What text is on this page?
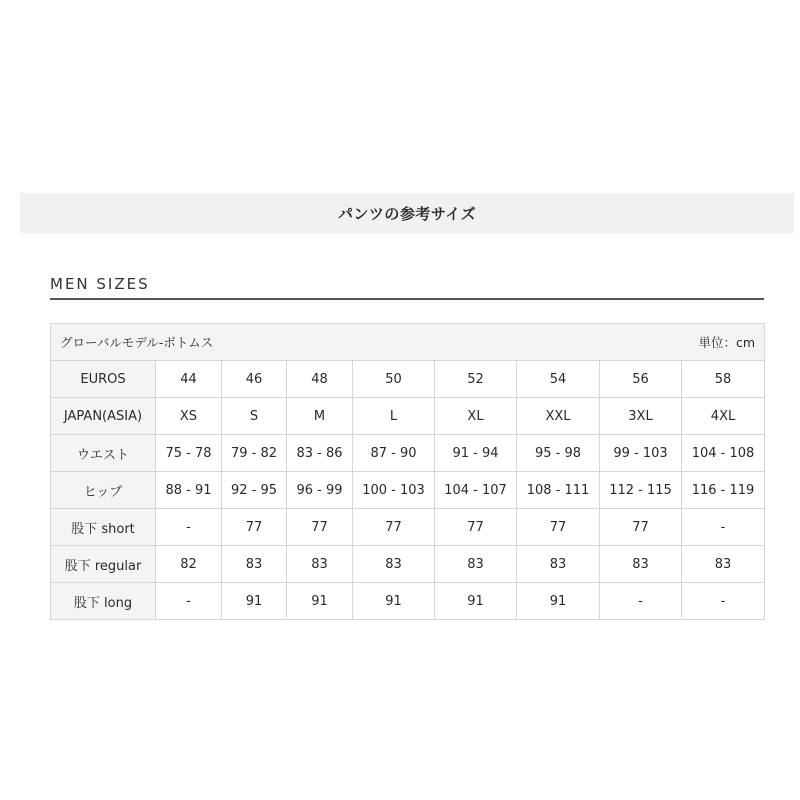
パンツの参考サイズ
MEN SIZES
グローバルモデル-ボトムス 単位：cm								

EUROS	44	46	48	50	52	54	56	58
JAPAN(ASIA)	XS	S	M	L	XL	XXL	3XL	4XL
ウエスト	75 - 78	79 - 82	83 - 86	87 - 90	91 - 94	95 - 98	99 - 103	104 - 108
ヒップ	88 - 91	92 - 95	96 - 99	100 - 103	104 - 107	108 - 111	112 - 115	116 - 119
股下 short	-	77	77	77	77	77	77	-
股下 regular	82	83	83	83	83	83	83	83
股下 long	-	91	91	91	91	91	-	-
